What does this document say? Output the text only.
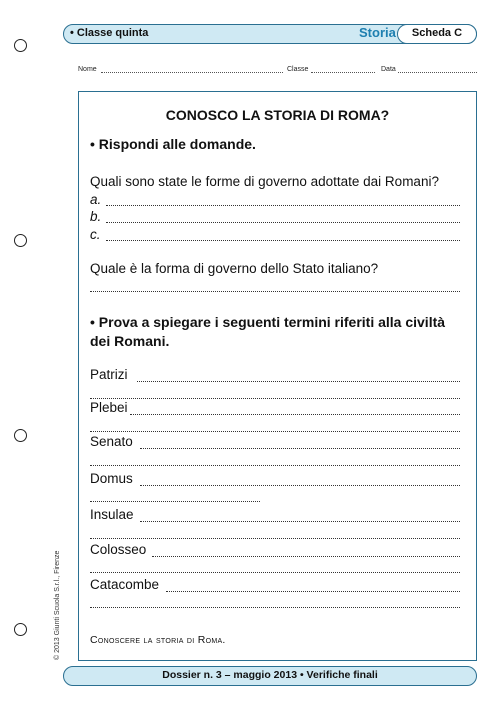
• Classe quinta	Storia	Scheda C
Nome	Classe	Data
CONOSCO LA STORIA DI ROMA?
• Rispondi alle domande.
Quali sono state le forme di governo adottate dai Romani?
a.
b.
c.
Quale è la forma di governo dello Stato italiano?
• Prova a spiegare i seguenti termini riferiti alla civiltà
dei Romani.
Patrizi
Plebei
Senato
Domus
Insulae
Colosseo
Catacombe
Conoscere la storia di Roma.
© 2013 Giunti Scuola S.r.l., Firenze
Dossier n. 3 – maggio 2013 • Verifiche finali
